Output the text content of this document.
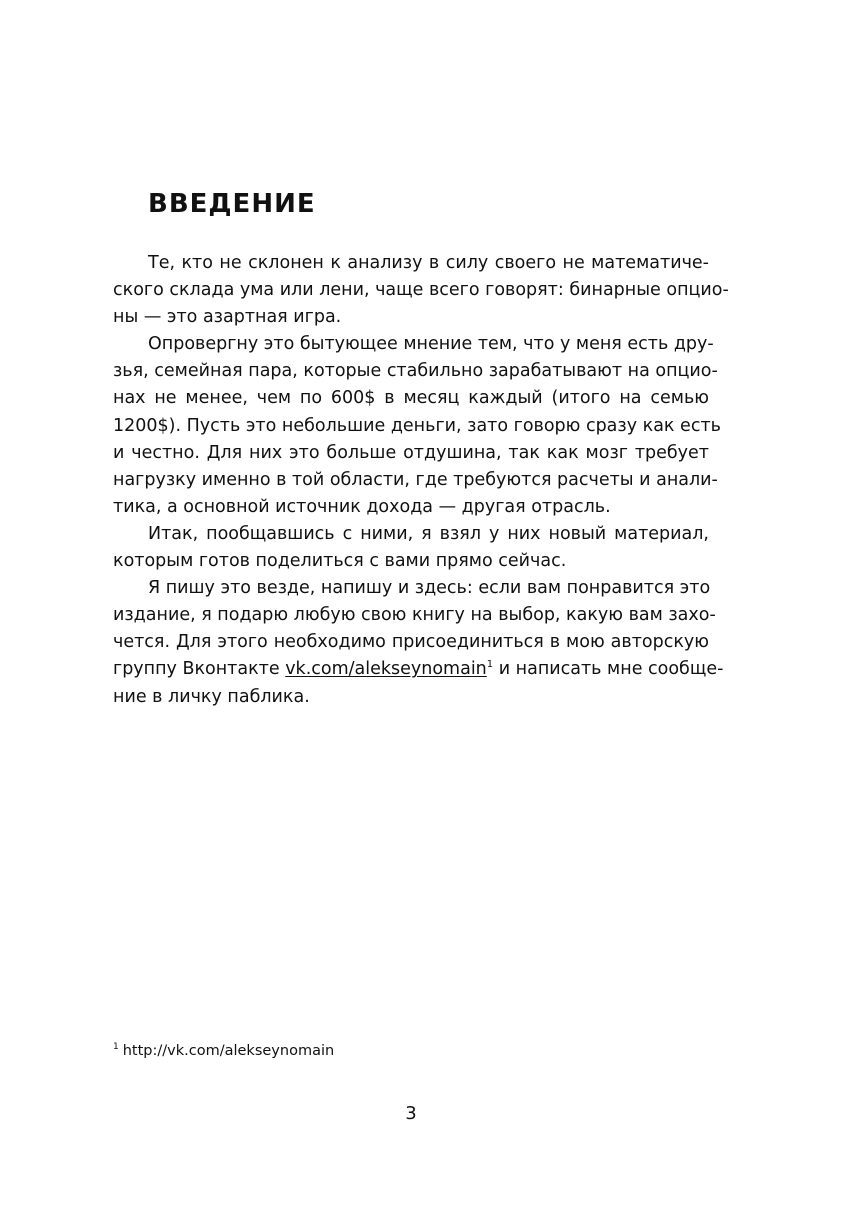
ВВЕДЕНИЕ
Те, кто не склонен к анализу в силу своего не математиче-
ского склада ума или лени, чаще всего говорят: бинарные опцио-
ны — это азартная игра.
Опровергну это бытующее мнение тем, что у меня есть дру-
зья, семейная пара, которые стабильно зарабатывают на опцио-
нах не менее, чем по 600$ в месяц каждый (итого на семью
1200$). Пусть это небольшие деньги, зато говорю сразу как есть
и честно. Для них это больше отдушина, так как мозг требует
нагрузку именно в той области, где требуются расчеты и анали-
тика, а основной источник дохода — другая отрасль.
Итак, пообщавшись с ними, я взял у них новый материал,
которым готов поделиться с вами прямо сейчас.
Я пишу это везде, напишу и здесь: если вам понравится это
издание, я подарю любую свою книгу на выбор, какую вам захо-
чется. Для этого необходимо присоединиться в мою авторскую
группу Вконтакте vk.com/alekseynomain$^1$ и написать мне сообще-
ние в личку паблика.
$^1$ http://vk.com/alekseynomain
3
